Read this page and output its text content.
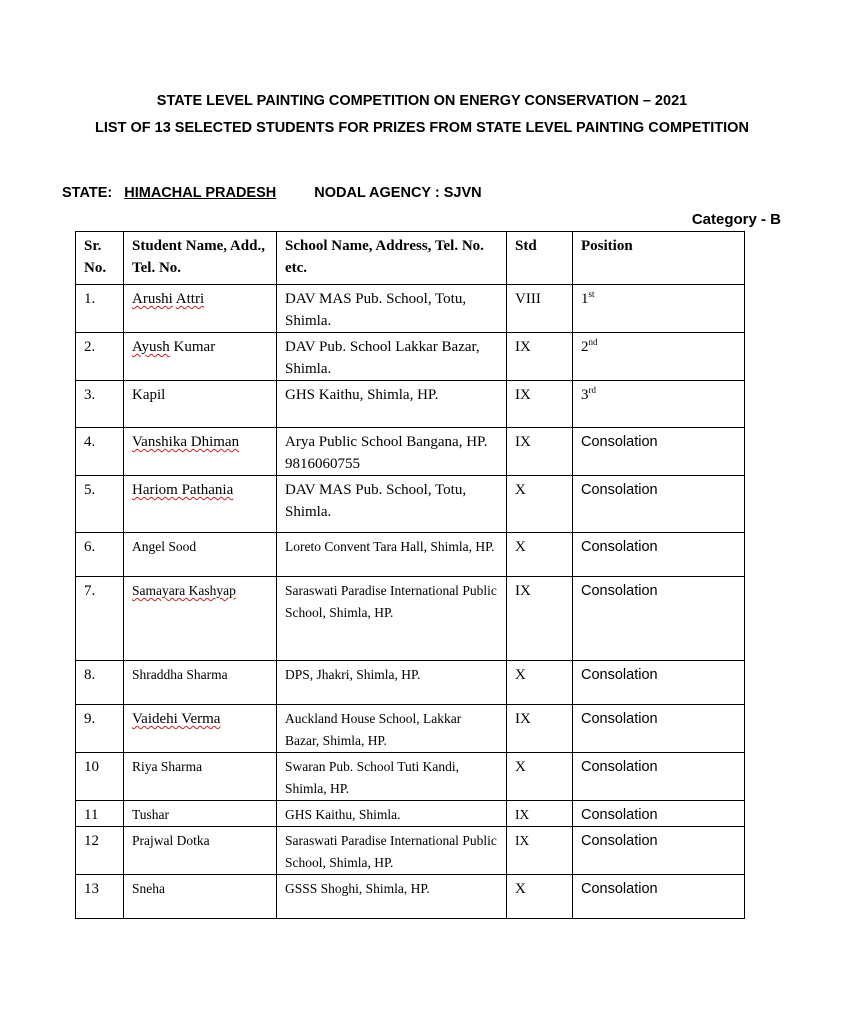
STATE LEVEL PAINTING COMPETITION ON ENERGY CONSERVATION – 2021
LIST OF 13 SELECTED STUDENTS FOR PRIZES FROM STATE LEVEL PAINTING COMPETITION
STATE: HIMACHAL PRADESH	NODAL AGENCY : SJVN
Category - B
Sr. No.	Student Name, Add., Tel. No.	School Name, Address, Tel. No. etc.	Std	Position
1.	Arushi Attri	DAV MAS Pub. School, Totu, Shimla.	VIII	1st
2.	Ayush Kumar	DAV Pub. School Lakkar Bazar, Shimla.	IX	2nd
3.	Kapil	GHS Kaithu, Shimla, HP.	IX	3rd
4.	Vanshika Dhiman	Arya Public School Bangana, HP. 9816060755	IX	Consolation
5.	Hariom Pathania	DAV MAS Pub. School, Totu, Shimla.	X	Consolation
6.	Angel Sood	Loreto Convent Tara Hall, Shimla, HP.	X	Consolation
7.	Samayara Kashyap	Saraswati Paradise International Public School, Shimla, HP.	IX	Consolation
8.	Shraddha Sharma	DPS, Jhakri, Shimla, HP.	X	Consolation
9.	Vaidehi Verma	Auckland House School, Lakkar Bazar, Shimla, HP.	IX	Consolation
10	Riya Sharma	Swaran Pub. School Tuti Kandi, Shimla, HP.	X	Consolation
11	Tushar	GHS Kaithu, Shimla.	IX	Consolation
12	Prajwal Dotka	Saraswati Paradise International Public School, Shimla, HP.	IX	Consolation
13	Sneha	GSSS Shoghi, Shimla, HP.	X	Consolation
